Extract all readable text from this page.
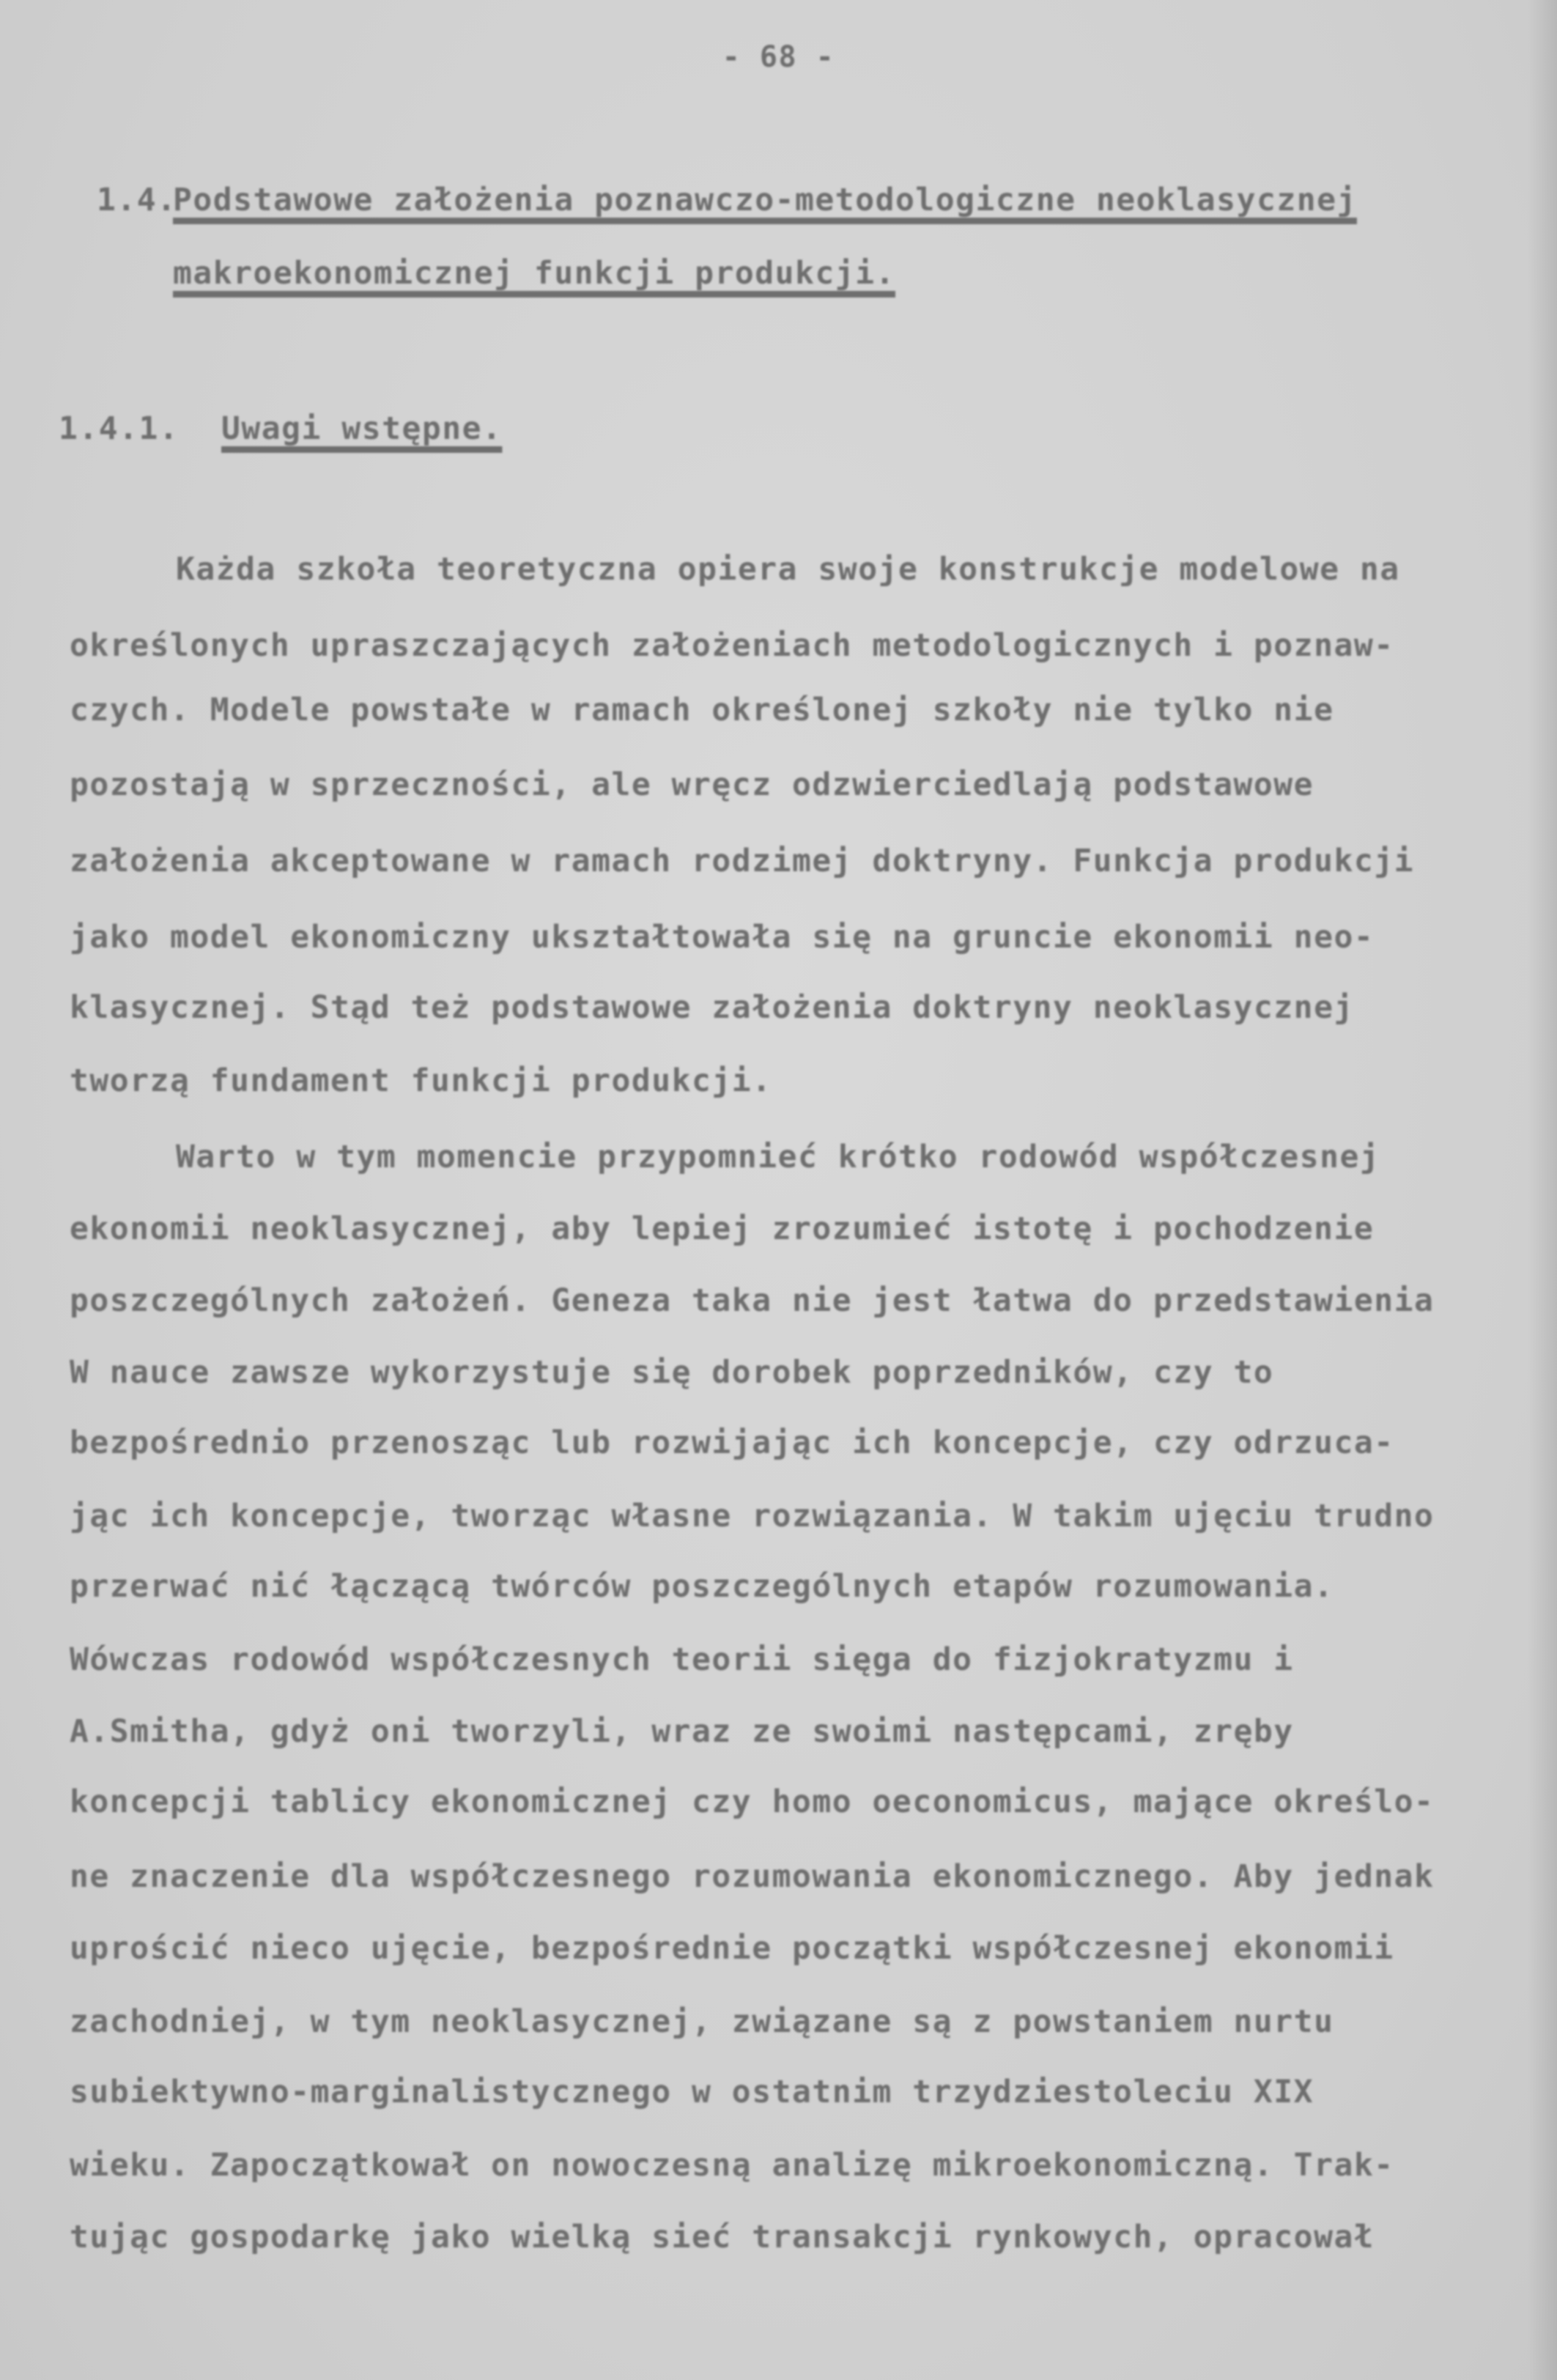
- 68 -
1.4.
Podstawowe założenia poznawczo-metodologiczne neoklasycznej
makroekonomicznej funkcji produkcji.
1.4.1. Uwagi wstępne.
Każda szkoła teoretyczna opiera swoje konstrukcje modelowe na
określonych upraszczających założeniach metodologicznych i poznaw-
czych. Modele powstałe w ramach określonej szkoły nie tylko nie
pozostają w sprzeczności, ale wręcz odzwierciedlają podstawowe
założenia akceptowane w ramach rodzimej doktryny. Funkcja produkcji
jako model ekonomiczny ukształtowała się na gruncie ekonomii neo-
klasycznej. Stąd też podstawowe założenia doktryny neoklasycznej
tworzą fundament funkcji produkcji.
Warto w tym momencie przypomnieć krótko rodowód współczesnej
ekonomii neoklasycznej, aby lepiej zrozumieć istotę i pochodzenie
poszczególnych założeń. Geneza taka nie jest łatwa do przedstawienia
W nauce zawsze wykorzystuje się dorobek poprzedników, czy to
bezpośrednio przenosząc lub rozwijając ich koncepcje, czy odrzuca-
jąc ich koncepcje, tworząc własne rozwiązania. W takim ujęciu trudno
przerwać nić łączącą twórców poszczególnych etapów rozumowania.
Wówczas rodowód współczesnych teorii sięga do fizjokratyzmu i
A.Smitha, gdyż oni tworzyli, wraz ze swoimi następcami, zręby
koncepcji tablicy ekonomicznej czy homo oeconomicus, mające określo-
ne znaczenie dla współczesnego rozumowania ekonomicznego. Aby jednak
uprościć nieco ujęcie, bezpośrednie początki współczesnej ekonomii
zachodniej, w tym neoklasycznej, związane są z powstaniem nurtu
subiektywno-marginalistycznego w ostatnim trzydziestoleciu XIX
wieku. Zapoczątkował on nowoczesną analizę mikroekonomiczną. Trak-
tując gospodarkę jako wielką sieć transakcji rynkowych, opracował
